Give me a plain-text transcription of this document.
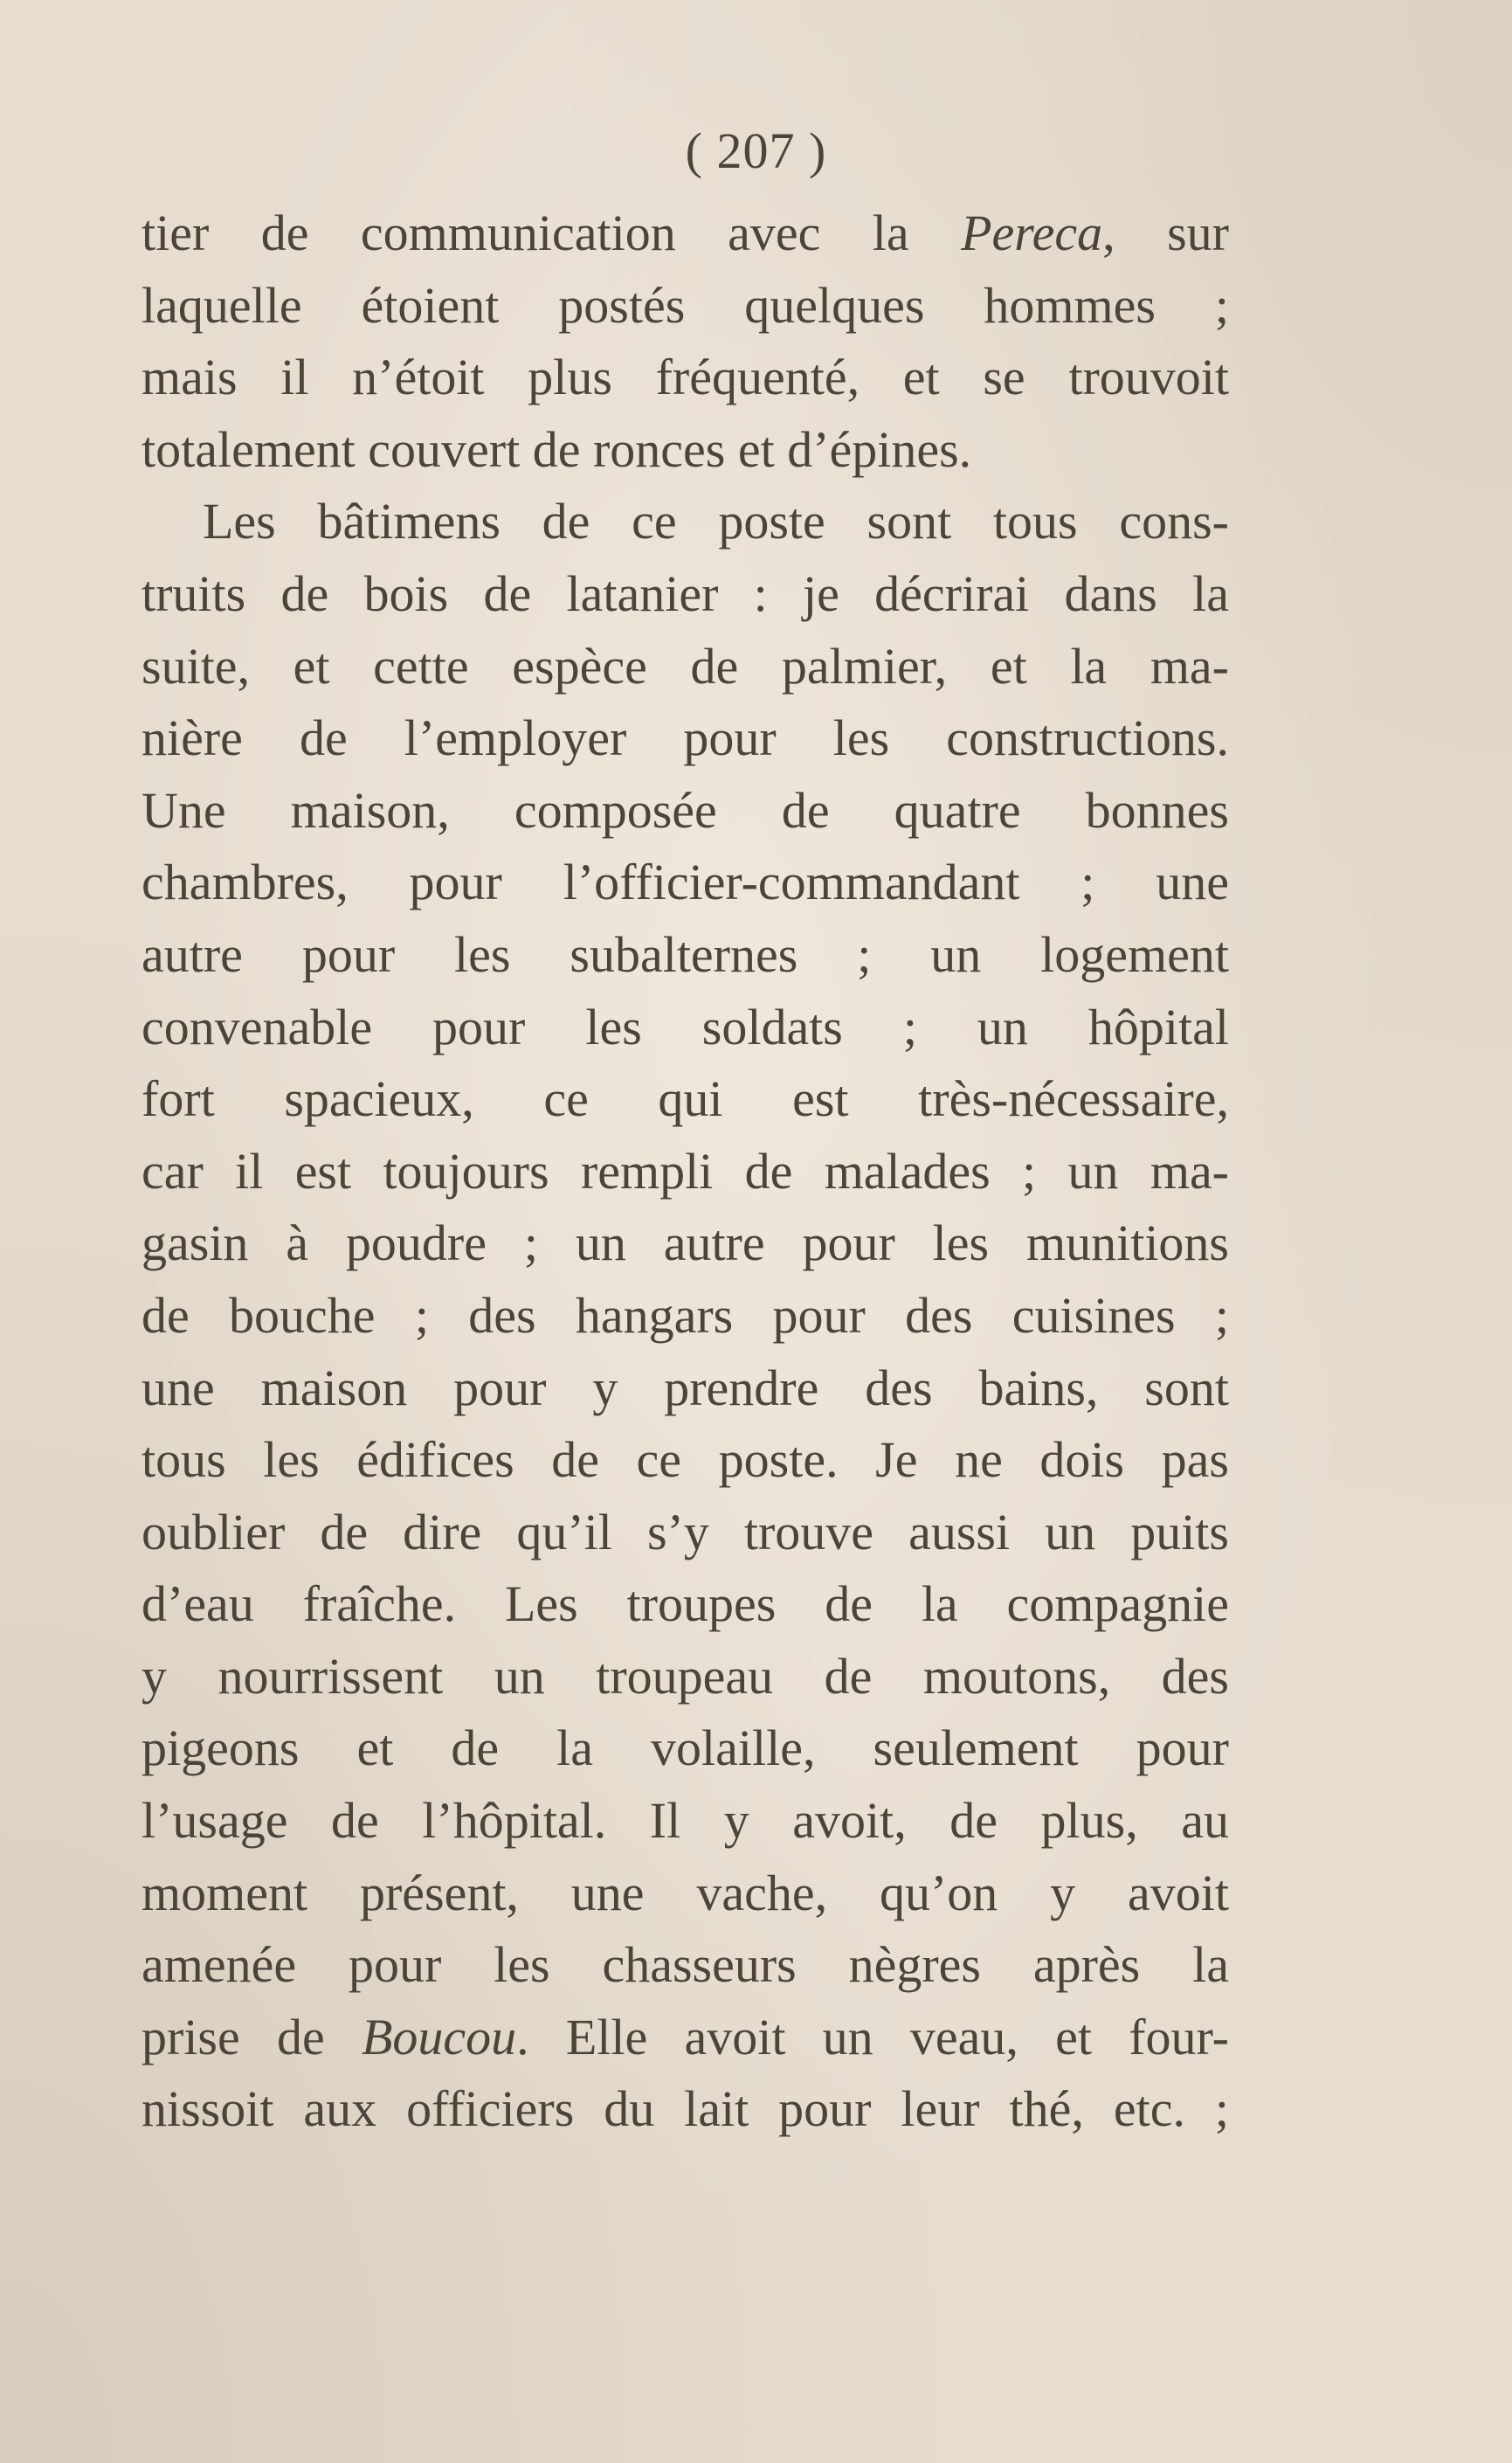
( 207 )
tier de communication avec la Pereca, sur
laquelle étoient postés quelques hommes ;
mais il n’étoit plus fréquenté, et se trouvoit
totalement couvert de ronces et d’épines.
Les bâtimens de ce poste sont tous cons-
truits de bois de latanier : je décrirai dans la
suite, et cette espèce de palmier, et la ma-
nière de l’employer pour les constructions.
Une maison, composée de quatre bonnes
chambres, pour l’officier-commandant ; une
autre pour les subalternes ; un logement
convenable pour les soldats ; un hôpital
fort spacieux, ce qui est très-nécessaire,
car il est toujours rempli de malades ; un ma-
gasin à poudre ; un autre pour les munitions
de bouche ; des hangars pour des cuisines ;
une maison pour y prendre des bains, sont
tous les édifices de ce poste. Je ne dois pas
oublier de dire qu’il s’y trouve aussi un puits
d’eau fraîche. Les troupes de la compagnie
y nourrissent un troupeau de moutons, des
pigeons et de la volaille, seulement pour
l’usage de l’hôpital. Il y avoit, de plus, au
moment présent, une vache, qu’on y avoit
amenée pour les chasseurs nègres après la
prise de Boucou. Elle avoit un veau, et four-
nissoit aux officiers du lait pour leur thé, etc. ;
